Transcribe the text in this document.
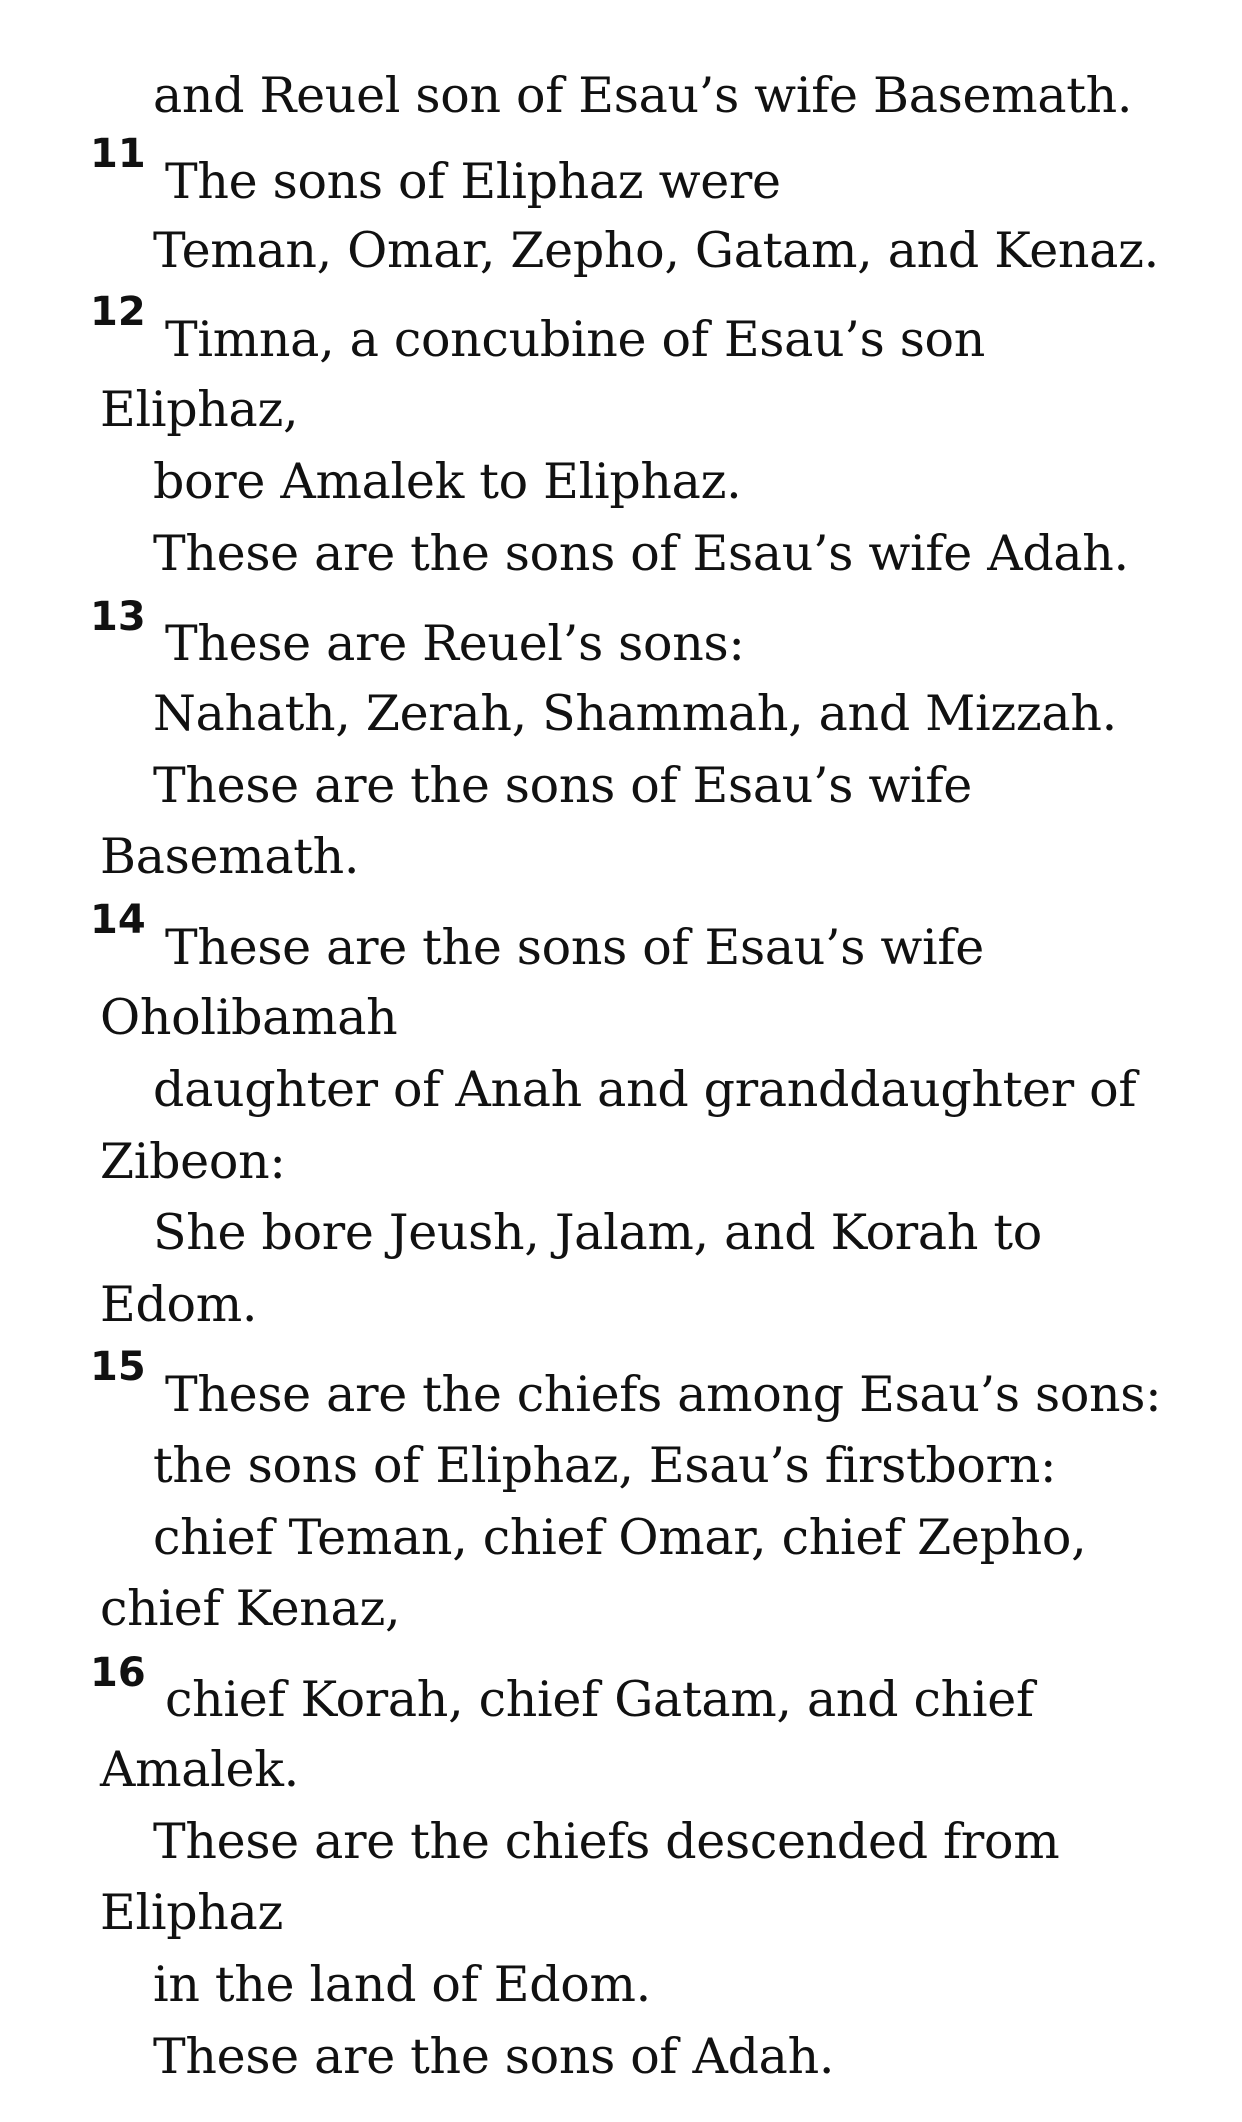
and Reuel son of Esau’s wife Basemath.
11 The sons of Eliphaz were
Teman, Omar, Zepho, Gatam, and Kenaz.
12 Timna, a concubine of Esau’s son
Eliphaz,
bore Amalek to Eliphaz.
These are the sons of Esau’s wife Adah.
13 These are Reuel’s sons:
Nahath, Zerah, Shammah, and Mizzah.
These are the sons of Esau’s wife
Basemath.
14 These are the sons of Esau’s wife
Oholibamah
daughter of Anah and granddaughter of
Zibeon:
She bore Jeush, Jalam, and Korah to
Edom.
15 These are the chiefs among Esau’s sons:
the sons of Eliphaz, Esau’s firstborn:
chief Teman, chief Omar, chief Zepho,
chief Kenaz,
16 chief Korah, chief Gatam, and chief
Amalek.
These are the chiefs descended from
Eliphaz
in the land of Edom.
These are the sons of Adah.
